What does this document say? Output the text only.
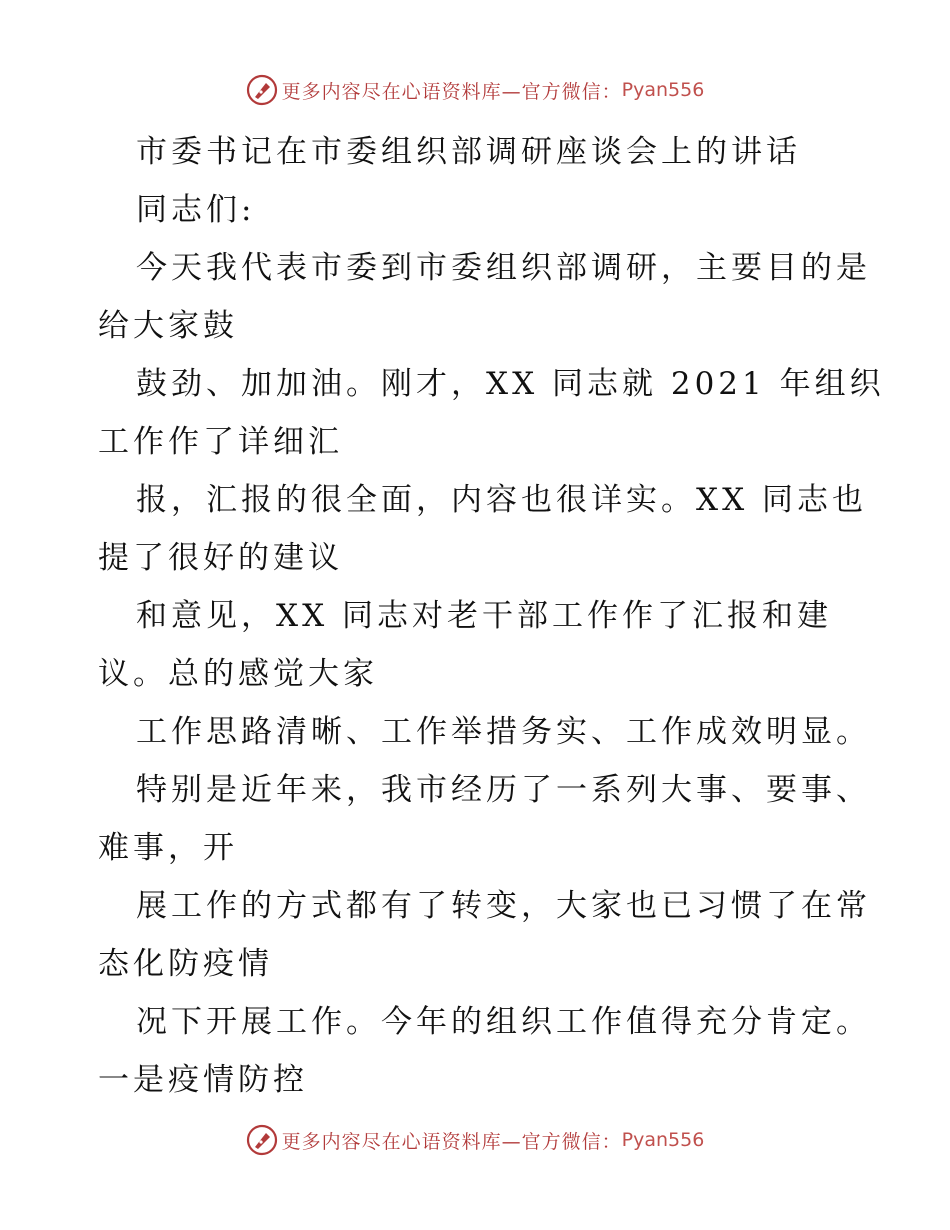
更多内容尽在心语资料库—官方微信： Pyan556
市委书记在市委组织部调研座谈会上的讲话
同志们:
今天我代表市委到市委组织部调研，主要目的是
给大家鼓
鼓劲、加加油。刚才，XX 同志就 2021 年组织
工作作了详细汇
报，汇报的很全面，内容也很详实。XX 同志也
提了很好的建议
和意见，XX 同志对老干部工作作了汇报和建
议。总的感觉大家
工作思路清晰、工作举措务实、工作成效明显。
特别是近年来，我市经历了一系列大事、要事、
难事，开
展工作的方式都有了转变，大家也已习惯了在常
态化防疫情
况下开展工作。今年的组织工作值得充分肯定。
一是疫情防控
更多内容尽在心语资料库—官方微信： Pyan556
